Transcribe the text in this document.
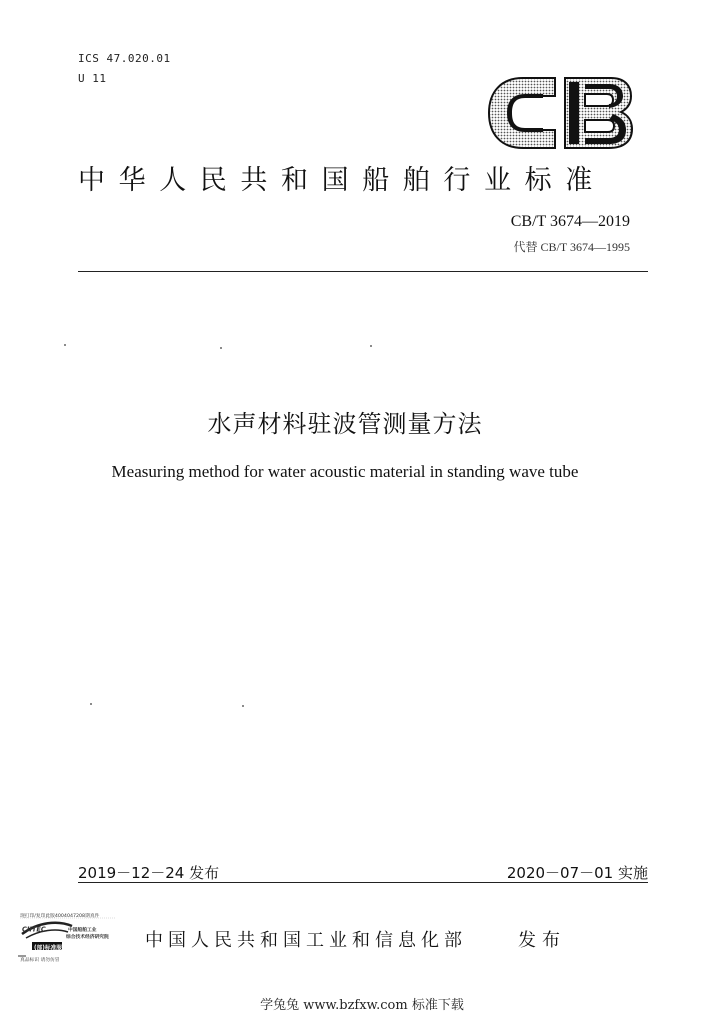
ICS 47.020.01
U 11
中华人民共和国船舶行业标准
CB/T 3674—2019
代替 CB/T 3674—1995
水声材料驻波管测量方法
Measuring method for water acoustic material in standing wave tube
2019－12－24 发布	2020－07－01 实施
现打印/复印此版4004047208期真件
CIITEC	中国船舶工业
综合技术经济研究院
(部)标准服务部
真品标识 请勿仿冒
中国人民共和国工业和信息化部	发布
学兔兔 www.bzfxw.com 标准下载
